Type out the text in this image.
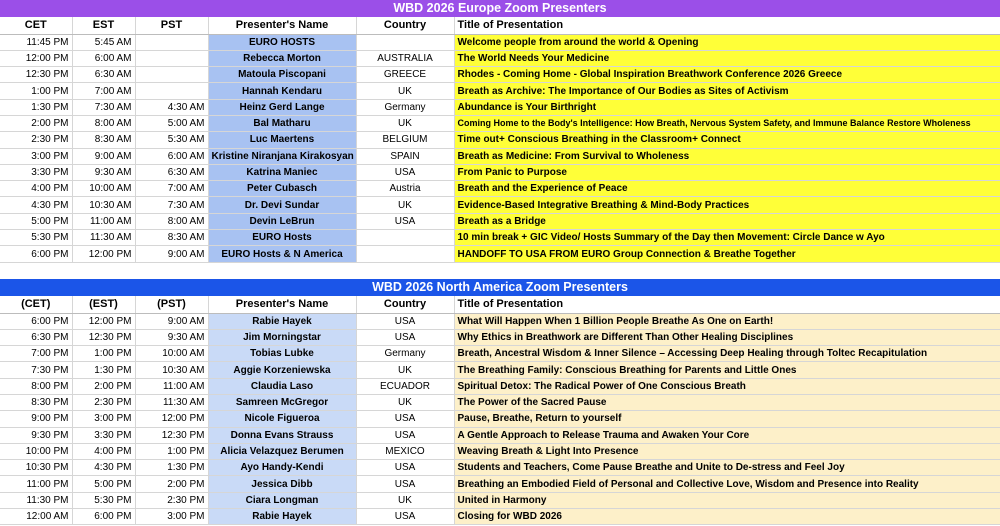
WBD 2026 Europe Zoom Presenters
CET	EST	PST	Presenter's Name	Country	Title of Presentation
11:45 PM	5:45 AM		EURO HOSTS		Welcome people from around the world & Opening
12:00 PM	6:00 AM		Rebecca Morton	AUSTRALIA	The World Needs Your Medicine
12:30 PM	6:30 AM		Matoula Piscopani	GREECE	Rhodes - Coming Home - Global Inspiration Breathwork Conference 2026 Greece
1:00 PM	7:00 AM		Hannah Kendaru	UK	Breath as Archive: The Importance of Our Bodies as Sites of Activism
1:30 PM	7:30 AM	4:30 AM	Heinz Gerd Lange	Germany	Abundance is Your Birthright
2:00 PM	8:00 AM	5:00 AM	Bal Matharu	UK	Coming Home to the Body's Intelligence: How Breath, Nervous System Safety, and Immune Balance Restore Wholeness
2:30 PM	8:30 AM	5:30 AM	Luc Maertens	BELGIUM	Time out+ Conscious Breathing in the Classroom+ Connect
3:00 PM	9:00 AM	6:00 AM	Kristine Niranjana Kirakosyan	SPAIN	Breath as Medicine: From Survival to Wholeness
3:30 PM	9:30 AM	6:30 AM	Katrina Maniec	USA	From Panic to Purpose
4:00 PM	10:00 AM	7:00 AM	Peter Cubasch	Austria	Breath and the Experience of Peace
4:30 PM	10:30 AM	7:30 AM	Dr. Devi Sundar	UK	Evidence-Based Integrative Breathing & Mind-Body Practices
5:00 PM	11:00 AM	8:00 AM	Devin LeBrun	USA	Breath as a Bridge
5:30 PM	11:30 AM	8:30 AM	EURO Hosts		10 min break + GIC Video/ Hosts Summary of the Day then Movement: Circle Dance w Ayo
6:00 PM	12:00 PM	9:00 AM	EURO Hosts & N America		HANDOFF TO USA FROM EURO Group Connection & Breathe Together
WBD 2026 North America Zoom Presenters
(CET)	(EST)	(PST)	Presenter's Name	Country	Title of Presentation
6:00 PM	12:00 PM	9:00 AM	Rabie Hayek	USA	What Will Happen When 1 Billion People Breathe As One on Earth!
6:30 PM	12:30 PM	9:30 AM	Jim Morningstar	USA	Why Ethics in Breathwork are Different Than Other Healing Disciplines
7:00 PM	1:00 PM	10:00 AM	Tobias Lubke	Germany	Breath, Ancestral Wisdom & Inner Silence – Accessing Deep Healing through Toltec Recapitulation
7:30 PM	1:30 PM	10:30 AM	Aggie Korzeniewska	UK	The Breathing Family: Conscious Breathing for Parents and Little Ones
8:00 PM	2:00 PM	11:00 AM	Claudia Laso	ECUADOR	Spiritual Detox: The Radical Power of One Conscious Breath
8:30 PM	2:30 PM	11:30 AM	Samreen McGregor	UK	The Power of the Sacred Pause
9:00 PM	3:00 PM	12:00 PM	Nicole Figueroa	USA	Pause, Breathe, Return to yourself
9:30 PM	3:30 PM	12:30 PM	Donna Evans Strauss	USA	A Gentle Approach to Release Trauma and Awaken Your Core
10:00 PM	4:00 PM	1:00 PM	Alicia Velazquez Berumen	MEXICO	Weaving Breath & Light Into Presence
10:30 PM	4:30 PM	1:30 PM	Ayo Handy-Kendi	USA	Students and Teachers, Come Pause Breathe and Unite to De-stress and Feel Joy
11:00 PM	5:00 PM	2:00 PM	Jessica Dibb	USA	Breathing an Embodied Field of Personal and Collective Love, Wisdom and Presence into Reality
11:30 PM	5:30 PM	2:30 PM	Ciara Longman	UK	United in Harmony
12:00 AM	6:00 PM	3:00 PM	Rabie Hayek	USA	Closing for WBD 2026
